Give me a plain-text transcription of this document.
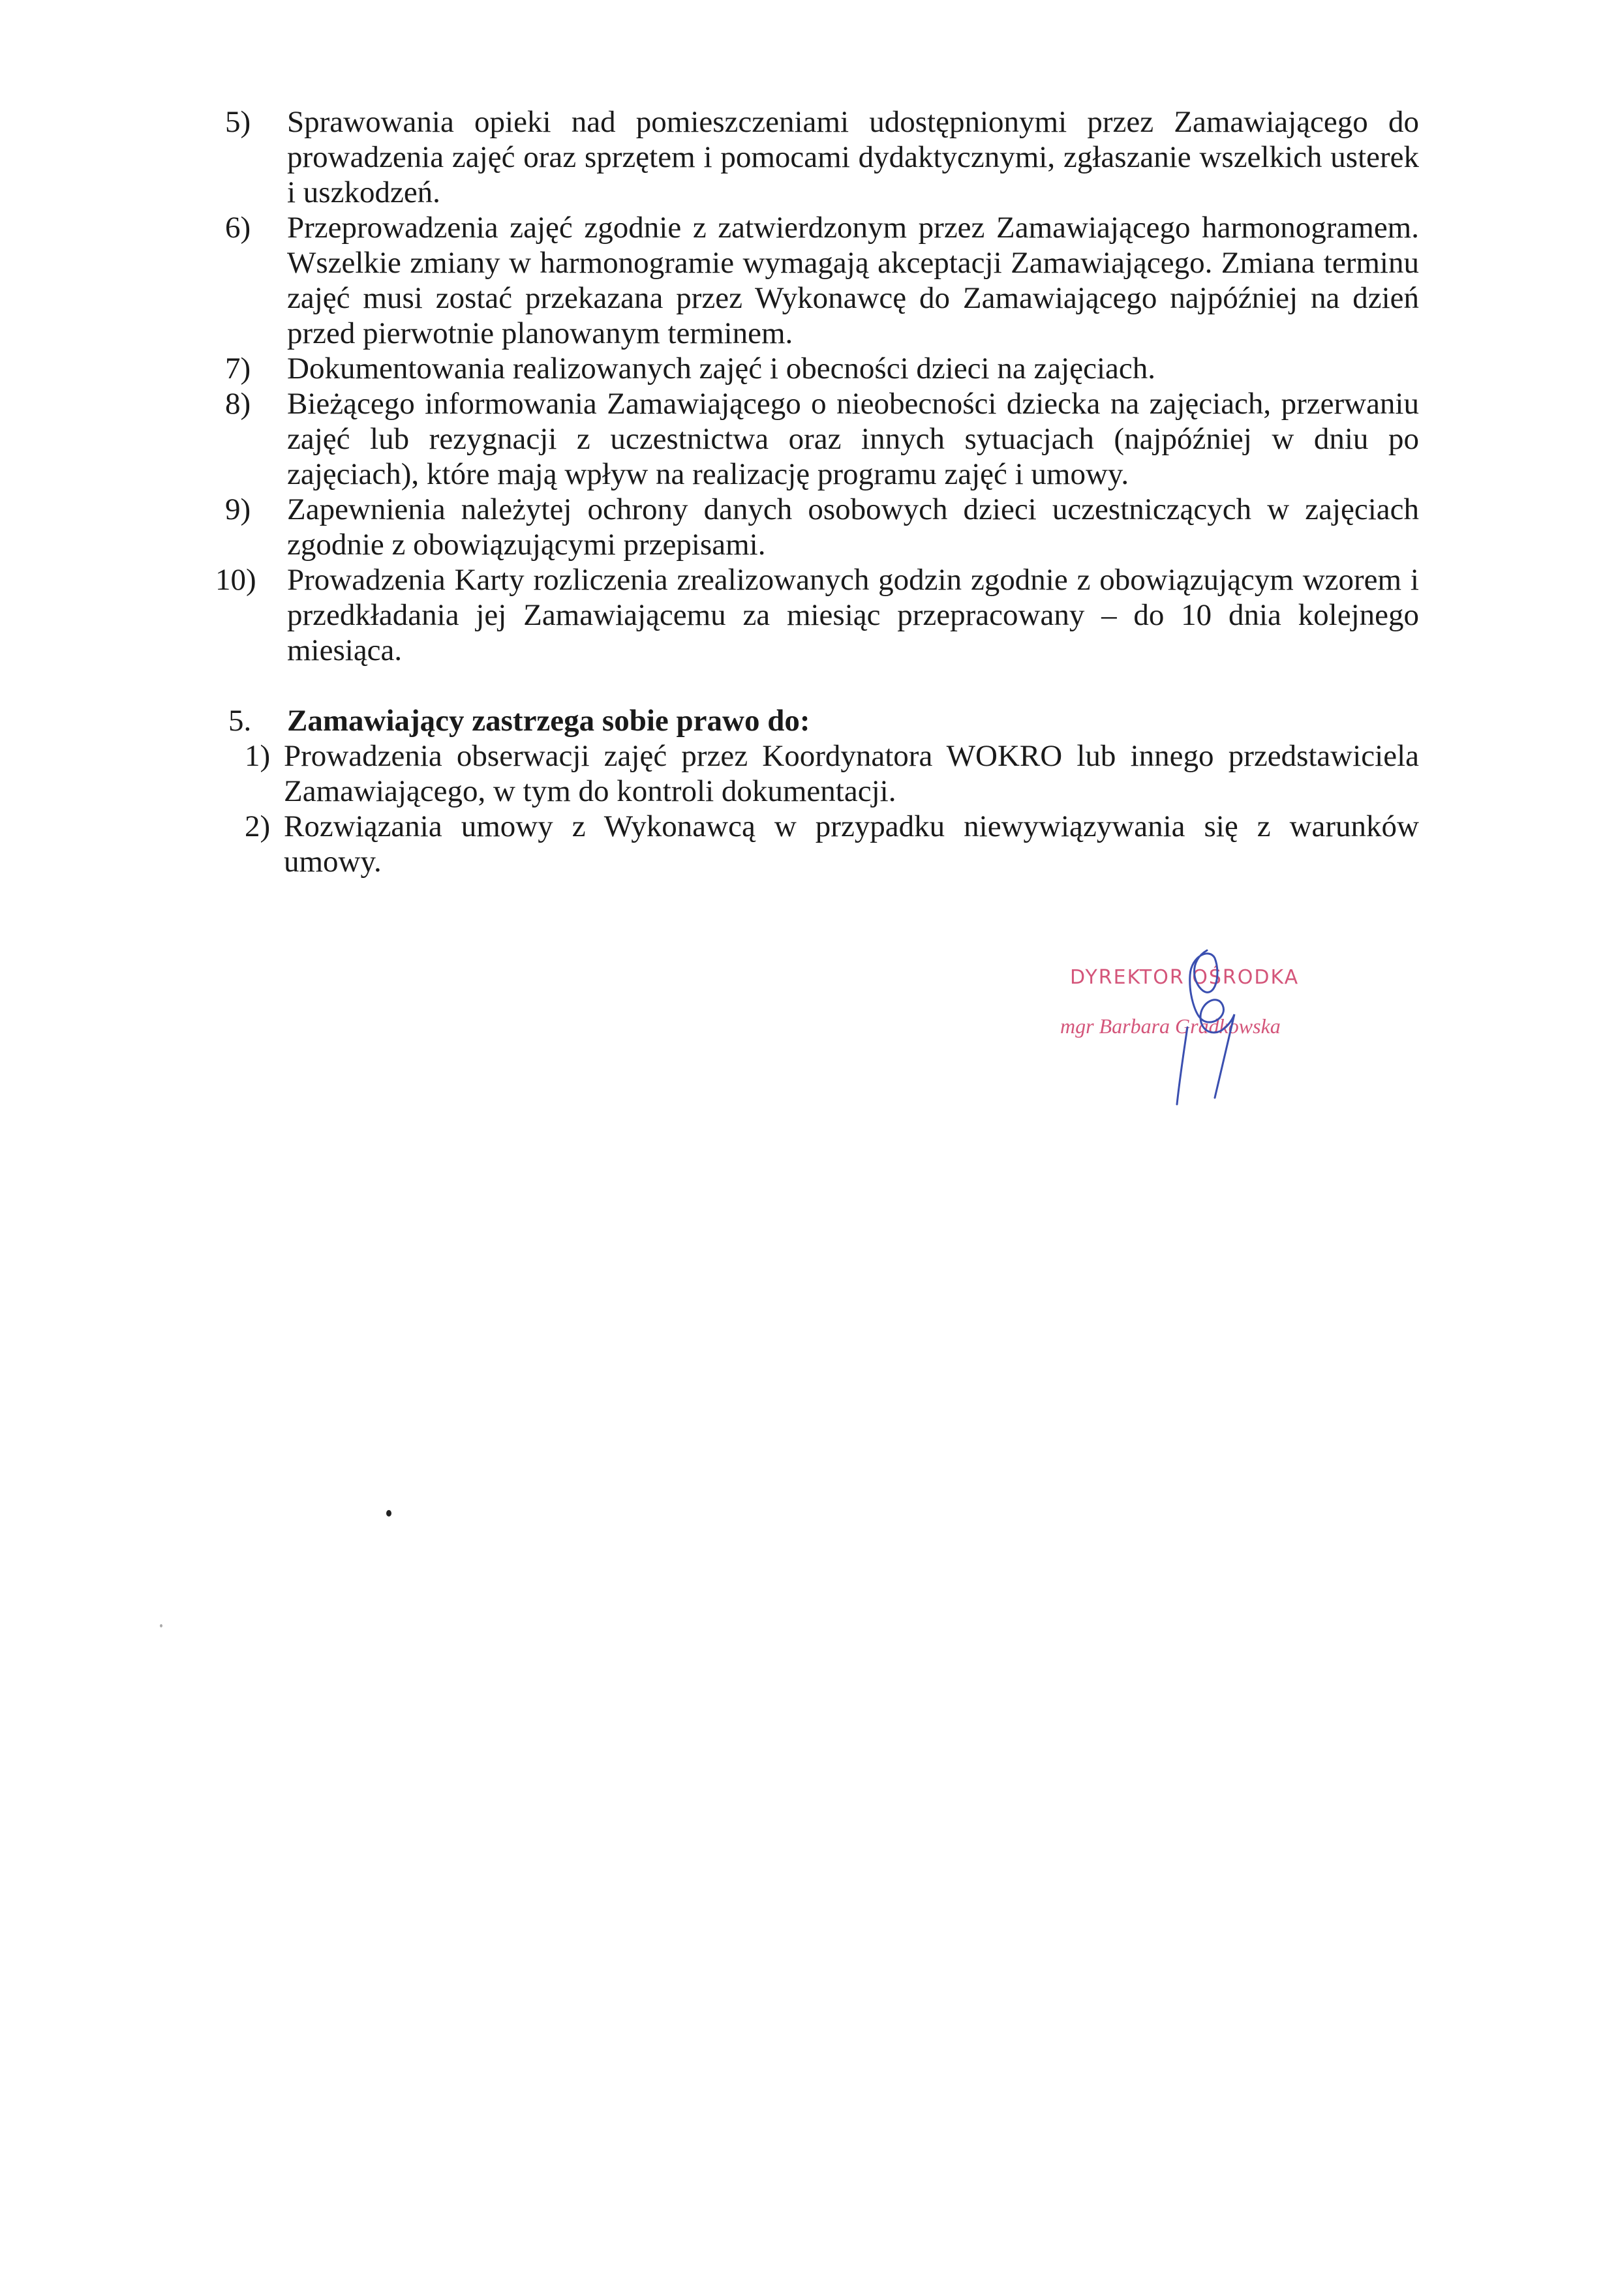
5)	Sprawowania opieki nad pomieszczeniami udostępnionymi przez Zamawiającego do prowadzenia zajęć oraz sprzętem i pomocami dydaktycznymi, zgłaszanie wszelkich usterek i uszkodzeń.
6)	Przeprowadzenia zajęć zgodnie z zatwierdzonym przez Zamawiającego harmonogramem. Wszelkie zmiany w harmonogramie wymagają akceptacji Zamawiającego. Zmiana terminu zajęć musi zostać przekazana przez Wykonawcę do Zamawiającego najpóźniej na dzień przed pierwotnie planowanym terminem.
7)	Dokumentowania realizowanych zajęć i obecności dzieci na zajęciach.
8)	Bieżącego informowania Zamawiającego o nieobecności dziecka na zajęciach, przerwaniu zajęć lub rezygnacji z uczestnictwa oraz innych sytuacjach (najpóźniej w dniu po zajęciach), które mają wpływ na realizację programu zajęć i umowy.
9)	Zapewnienia należytej ochrony danych osobowych dzieci uczestniczących w zajęciach zgodnie z obowiązującymi przepisami.
10)	Prowadzenia Karty rozliczenia zrealizowanych godzin zgodnie z obowiązującym wzorem i przedkładania jej Zamawiającemu za miesiąc przepracowany – do 10 dnia kolejnego miesiąca.
5. Zamawiający zastrzega sobie prawo do:
1) Prowadzenia obserwacji zajęć przez Koordynatora WOKRO lub innego przedstawiciela Zamawiającego, w tym do kontroli dokumentacji.
2) Rozwiązania umowy z Wykonawcą w przypadku niewywiązywania się z warunków umowy.
DYREKTOR OŚRODKA
mgr Barbara Gradkowska
